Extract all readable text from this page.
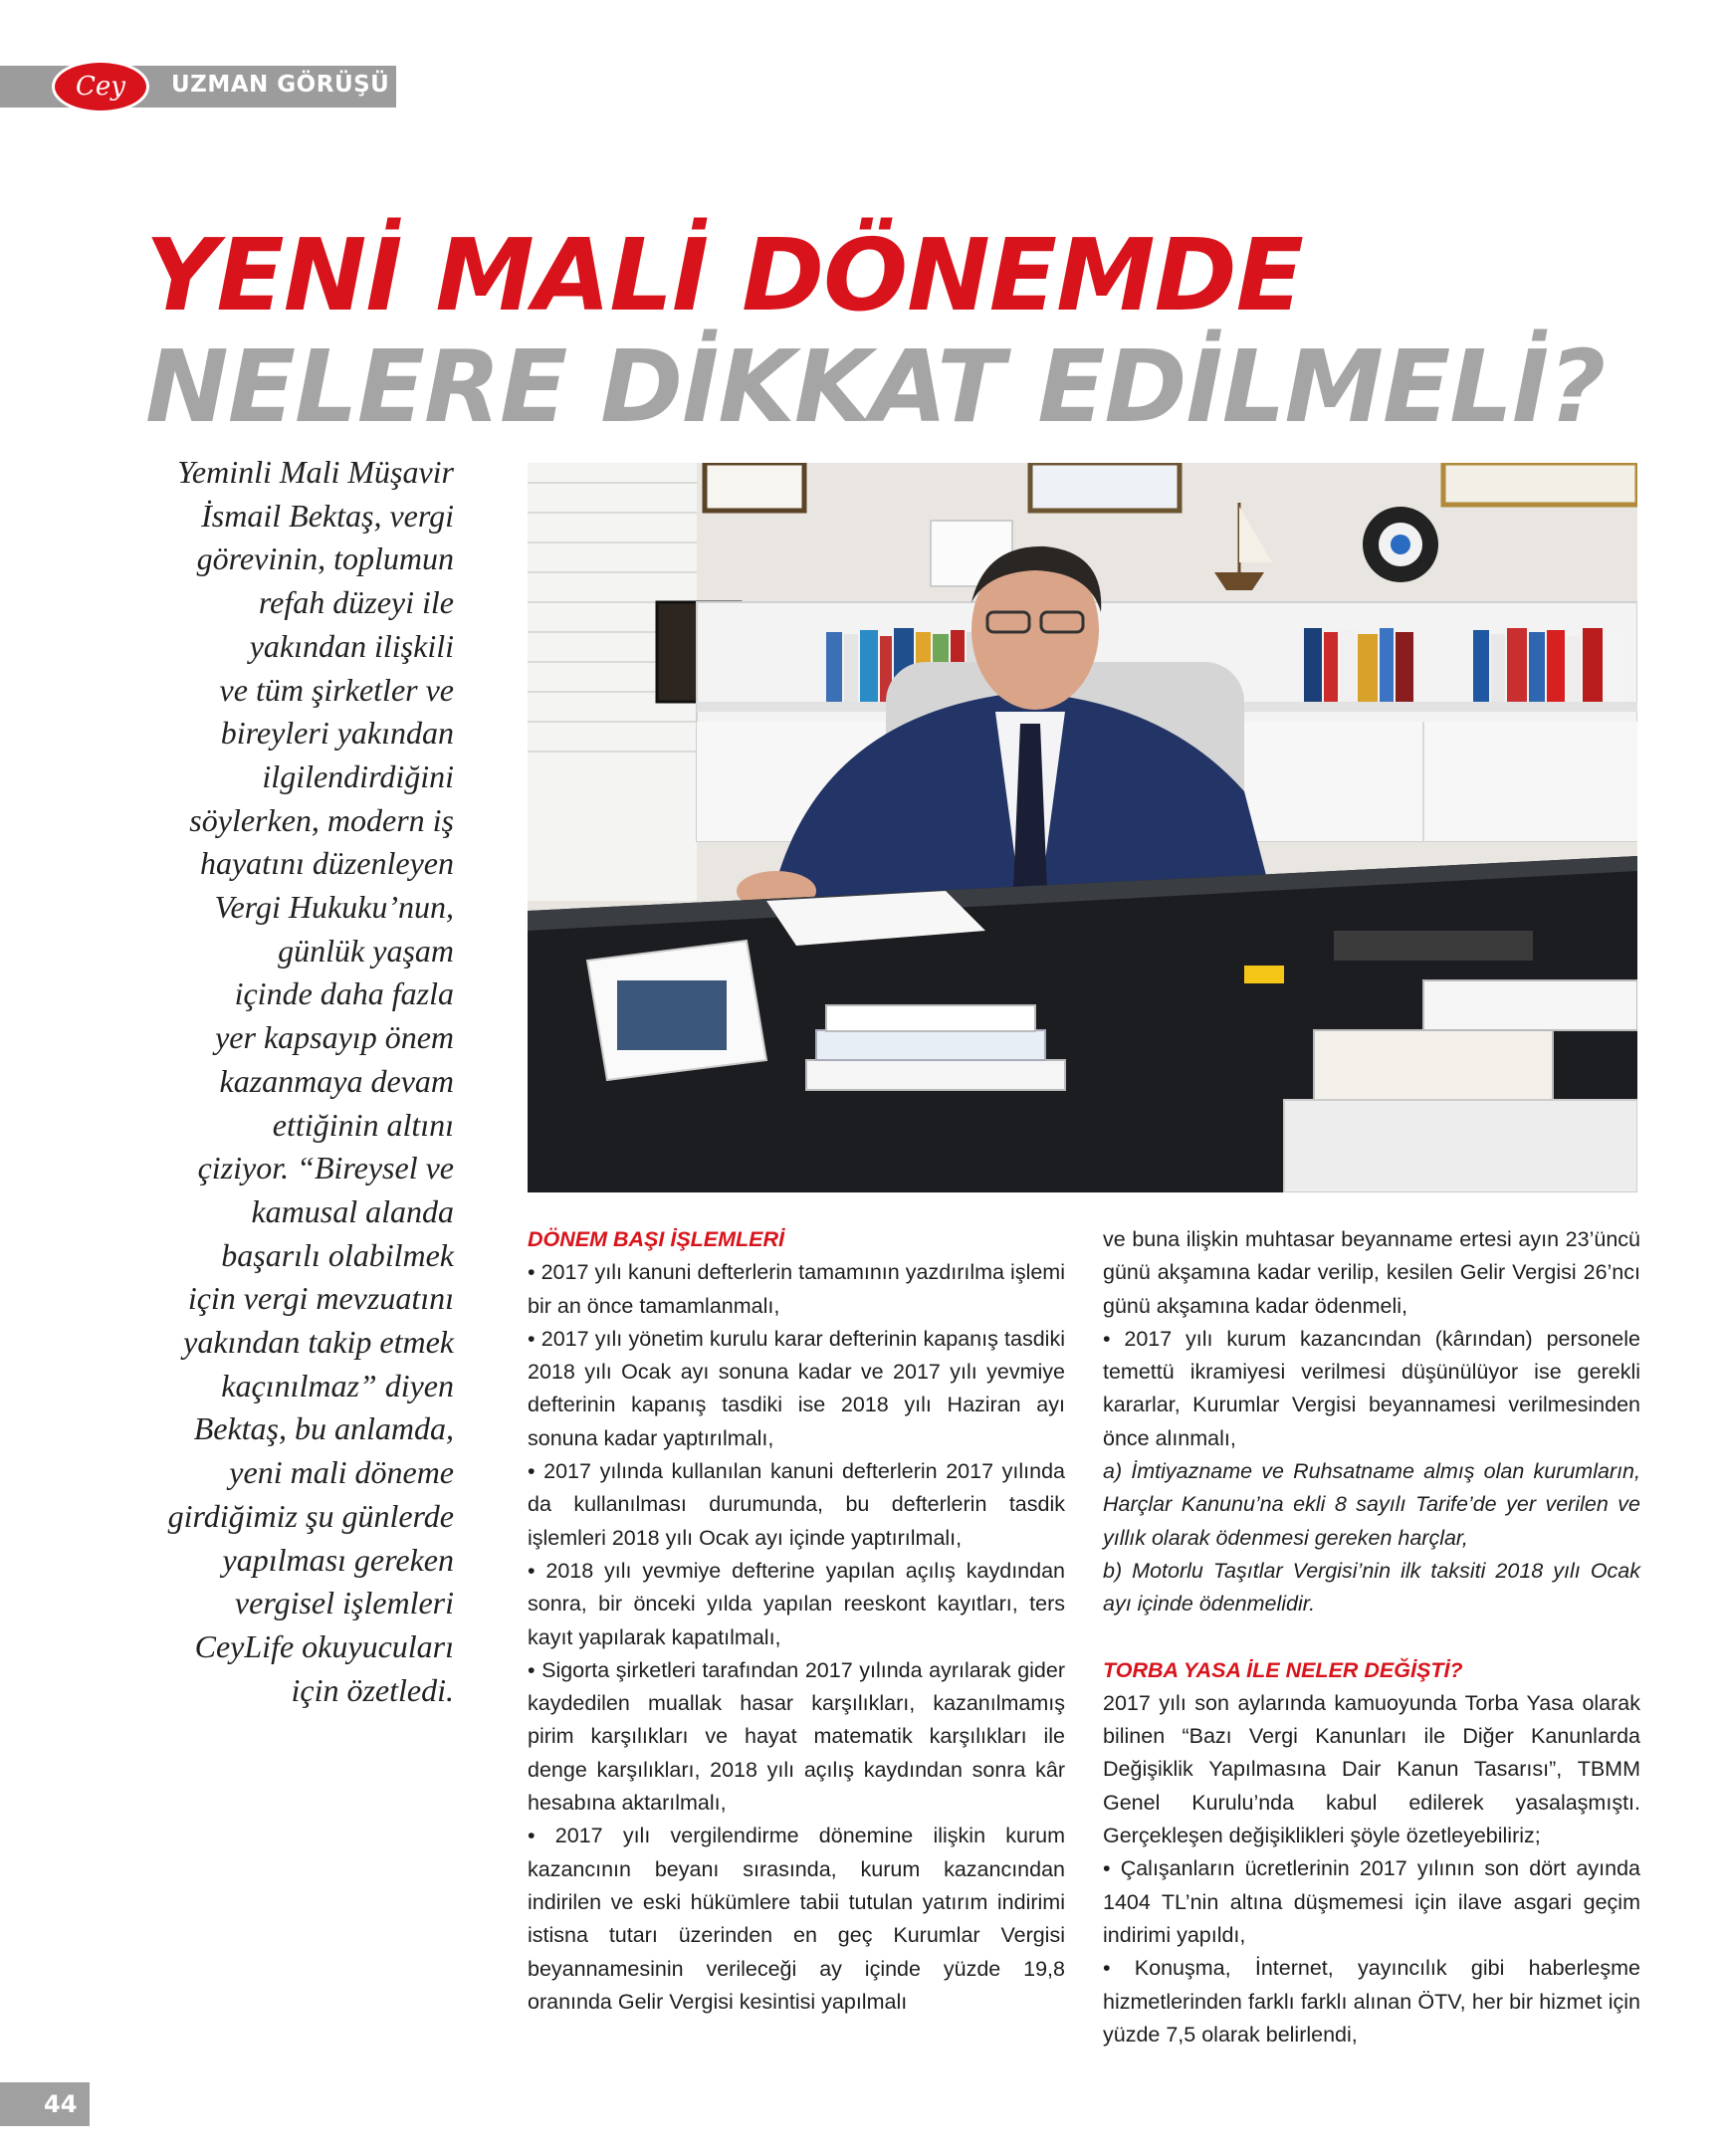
Cey	UZMAN GÖRÜŞÜ
YENİ MALİ DÖNEMDE
NELERE DİKKAT EDİLMELİ?
Yeminli Mali Müşavir
İsmail Bektaş, vergi
görevinin, toplumun
refah düzeyi ile
yakından ilişkili
ve tüm şirketler ve
bireyleri yakından
ilgilendirdiğini
söylerken, modern iş
hayatını düzenleyen
Vergi Hukuku’nun,
günlük yaşam
içinde daha fazla
yer kapsayıp önem
kazanmaya devam
ettiğinin altını
çiziyor. “Bireysel ve
kamusal alanda
başarılı olabilmek
için vergi mevzuatını
yakından takip etmek
kaçınılmaz” diyen
Bektaş, bu anlamda,
yeni mali döneme
girdiğimiz şu günlerde
yapılması gereken
vergisel işlemleri
CeyLife okuyucuları
için özetledi.

DÖNEM BAŞI İŞLEMLERİ

• 2017 yılı kanuni defterlerin tamamının yazdırılma işlemi bir an önce tamamlanmalı,

• 2017 yılı yönetim kurulu karar defterinin kapanış tasdiki 2018 yılı Ocak ayı sonuna kadar ve 2017 yılı yevmiye defterinin kapanış tasdiki ise 2018 yılı Haziran ayı sonuna kadar yaptırılmalı,

• 2017 yılında kullanılan kanuni defterlerin 2017 yılında da kullanılması durumunda, bu defterlerin tasdik işlemleri 2018 yılı Ocak ayı içinde yaptırılmalı,

• 2018 yılı yevmiye defterine yapılan açılış kaydından sonra, bir önceki yılda yapılan reeskont kayıtları, ters kayıt yapılarak kapatılmalı,

• Sigorta şirketleri tarafından 2017 yılında ayrılarak gider kaydedilen muallak hasar karşılıkları, kazanılmamış pirim karşılıkları ve hayat matematik karşılıkları ile denge karşılıkları, 2018 yılı açılış kaydından sonra kâr hesabına aktarılmalı,

• 2017 yılı vergilendirme dönemine ilişkin kurum kazancının beyanı sırasında, kurum kazancından indirilen ve eski hükümlere tabii tutulan yatırım indirimi istisna tutarı üzerinden en geç Kurumlar Vergisi beyannamesinin verileceği ay içinde yüzde 19,8 oranında Gelir Vergisi kesintisi yapılmalı

ve buna ilişkin muhtasar beyanname ertesi ayın 23’üncü günü akşamına kadar verilip, kesilen Gelir Vergisi 26’ncı günü akşamına kadar ödenmeli,

• 2017 yılı kurum kazancından (kârından) personele temettü ikramiyesi verilmesi düşünülüyor ise gerekli kararlar, Kurumlar Vergisi beyannamesi verilmesinden önce alınmalı,

a) İmtiyazname ve Ruhsatname almış olan kurumların, Harçlar Kanunu’na ekli 8 sayılı Tarife’de yer verilen ve yıllık olarak ödenmesi gereken harçlar,

b) Motorlu Taşıtlar Vergisi’nin ilk taksiti 2018 yılı Ocak ayı içinde ödenmelidir.

TORBA YASA İLE NELER DEĞİŞTİ?

2017 yılı son aylarında kamuoyunda Torba Yasa olarak bilinen “Bazı Vergi Kanunları ile Diğer Kanunlarda Değişiklik Yapılmasına Dair Kanun Tasarısı”, TBMM Genel Kurulu’nda kabul edilerek yasalaşmıştı. Gerçekleşen değişiklikleri şöyle özetleyebiliriz;

• Çalışanların ücretlerinin 2017 yılının son dört ayında 1404 TL’nin altına düşmemesi için ilave asgari geçim indirimi yapıldı,

• Konuşma, İnternet, yayıncılık gibi haberleşme hizmetlerinden farklı farklı alınan ÖTV, her bir hizmet için yüzde 7,5 olarak belirlendi,

44
